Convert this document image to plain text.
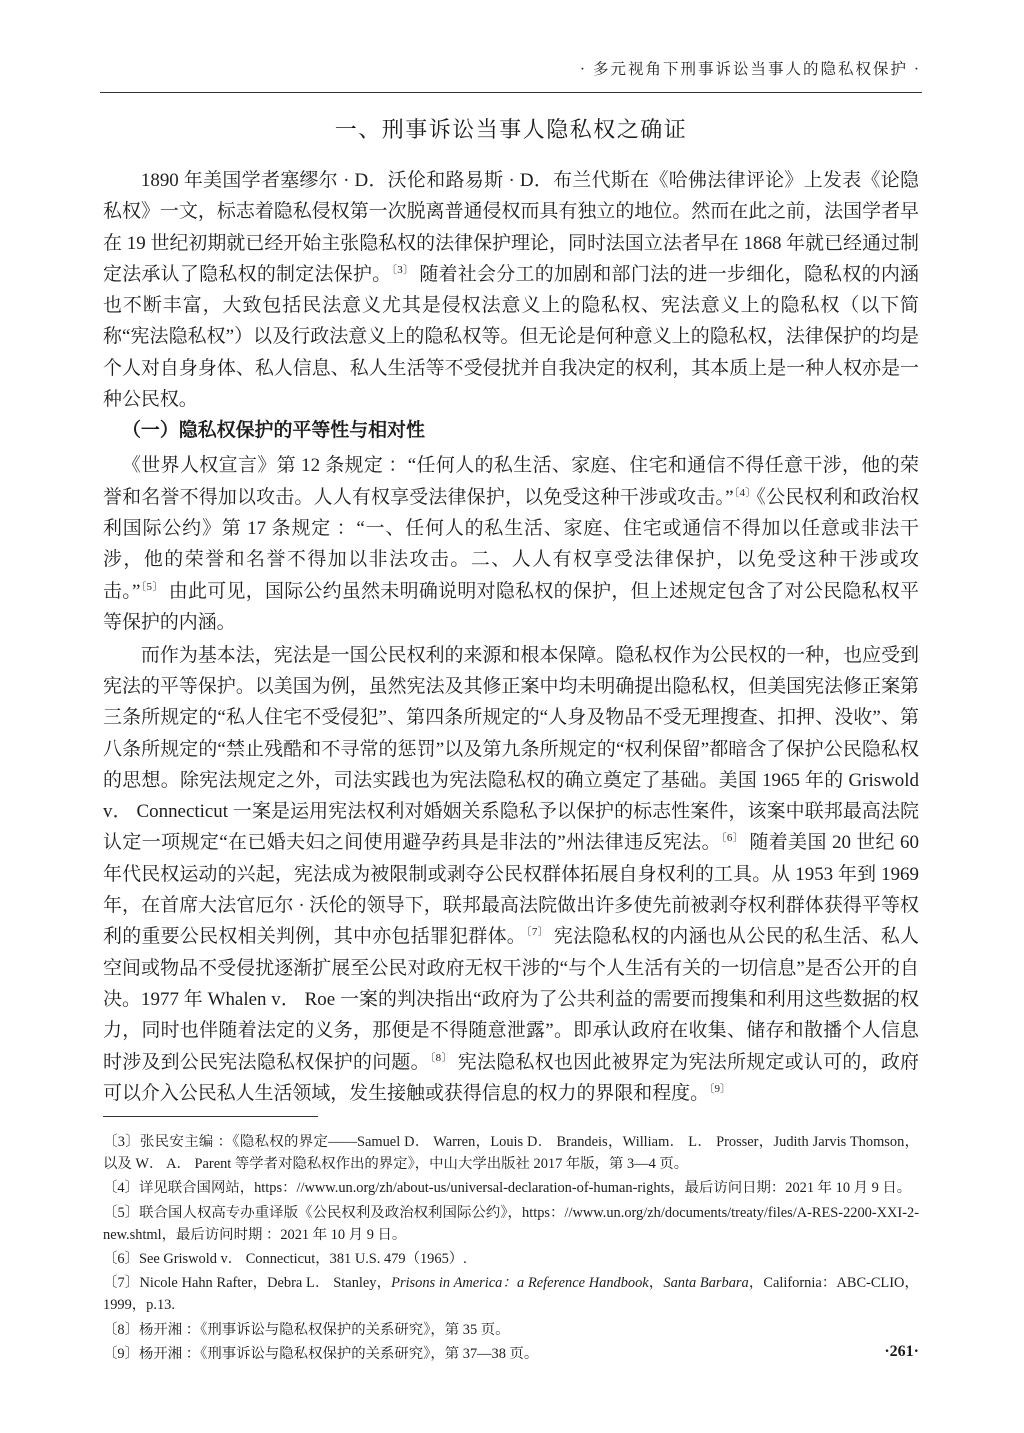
· 多元视角下刑事诉讼当事人的隐私权保护 ·
一、刑事诉讼当事人隐私权之确证

1890 年美国学者塞缪尔 · D．沃伦和路易斯 · D．布兰代斯在《哈佛法律评论》上发表《论隐私权》一文，标志着隐私侵权第一次脱离普通侵权而具有独立的地位。然而在此之前，法国学者早在 19 世纪初期就已经开始主张隐私权的法律保护理论，同时法国立法者早在 1868 年就已经通过制定法承认了隐私权的制定法保护。$^{〔3〕}$ 随着社会分工的加剧和部门法的进一步细化，隐私权的内涵也不断丰富，大致包括民法意义尤其是侵权法意义上的隐私权、宪法意义上的隐私权（以下简称“宪法隐私权”）以及行政法意义上的隐私权等。但无论是何种意义上的隐私权，法律保护的均是个人对自身身体、私人信息、私人生活等不受侵扰并自我决定的权利，其本质上是一种人权亦是一种公民权。

（一）隐私权保护的平等性与相对性

《世界人权宣言》第 12 条规定 ：“任何人的私生活、家庭、住宅和通信不得任意干涉，他的荣誉和名誉不得加以攻击。人人有权享受法律保护，以免受这种干涉或攻击。”$^{〔4〕}$《公民权利和政治权利国际公约》第 17 条规定 ：“一、任何人的私生活、家庭、住宅或通信不得加以任意或非法干涉，他的荣誉和名誉不得加以非法攻击。二、人人有权享受法律保护，以免受这种干涉或攻击。”$^{〔5〕}$ 由此可见，国际公约虽然未明确说明对隐私权的保护，但上述规定包含了对公民隐私权平等保护的内涵。

而作为基本法，宪法是一国公民权利的来源和根本保障。隐私权作为公民权的一种，也应受到宪法的平等保护。以美国为例，虽然宪法及其修正案中均未明确提出隐私权，但美国宪法修正案第三条所规定的“私人住宅不受侵犯”、第四条所规定的“人身及物品不受无理搜查、扣押、没收”、第八条所规定的“禁止残酷和不寻常的惩罚”以及第九条所规定的“权利保留”都暗含了保护公民隐私权的思想。除宪法规定之外，司法实践也为宪法隐私权的确立奠定了基础。美国 1965 年的 Griswold v． Connecticut 一案是运用宪法权利对婚姻关系隐私予以保护的标志性案件，该案中联邦最高法院认定一项规定“在已婚夫妇之间使用避孕药具是非法的”州法律违反宪法。$^{〔6〕}$ 随着美国 20 世纪 60 年代民权运动的兴起，宪法成为被限制或剥夺公民权群体拓展自身权利的工具。从 1953 年到 1969 年，在首席大法官厄尔 · 沃伦的领导下，联邦最高法院做出许多使先前被剥夺权利群体获得平等权利的重要公民权相关判例，其中亦包括罪犯群体。$^{〔7〕}$ 宪法隐私权的内涵也从公民的私生活、私人空间或物品不受侵扰逐渐扩展至公民对政府无权干涉的“与个人生活有关的一切信息”是否公开的自决。1977 年 Whalen v． Roe 一案的判决指出“政府为了公共利益的需要而搜集和利用这些数据的权力，同时也伴随着法定的义务，那便是不得随意泄露”。即承认政府在收集、储存和散播个人信息时涉及到公民宪法隐私权保护的问题。$^{〔8〕}$ 宪法隐私权也因此被界定为宪法所规定或认可的，政府可以介入公民私人生活领域，发生接触或获得信息的权力的界限和程度。$^{〔9〕}$

〔3〕张民安主编 ：《隐私权的界定——Samuel D． Warren，Louis D． Brandeis，William． L． Prosser，Judith Jarvis Thomson，以及 W． A． Parent 等学者对隐私权作出的界定》，中山大学出版社 2017 年版，第 3—4 页。

〔4〕详见联合国网站，https：//www.un.org/zh/about-us/universal-declaration-of-human-rights，最后访问日期：2021 年 10 月 9 日。

〔5〕联合国人权高专办重译版《公民权利及政治权利国际公约》，https：//www.un.org/zh/documents/treaty/files/A-RES-2200-XXI-2-new.shtml，最后访问时期 ：2021 年 10 月 9 日。

〔6〕See Griswold v． Connecticut，381 U.S. 479（1965）.

〔7〕Nicole Hahn Rafter，Debra L． Stanley，Prisons in America：a Reference Handbook，Santa Barbara，California：ABC-CLIO，1999，p.13.

〔8〕杨开湘 ：《刑事诉讼与隐私权保护的关系研究》，第 35 页。

〔9〕杨开湘 ：《刑事诉讼与隐私权保护的关系研究》，第 37—38 页。	·261·
